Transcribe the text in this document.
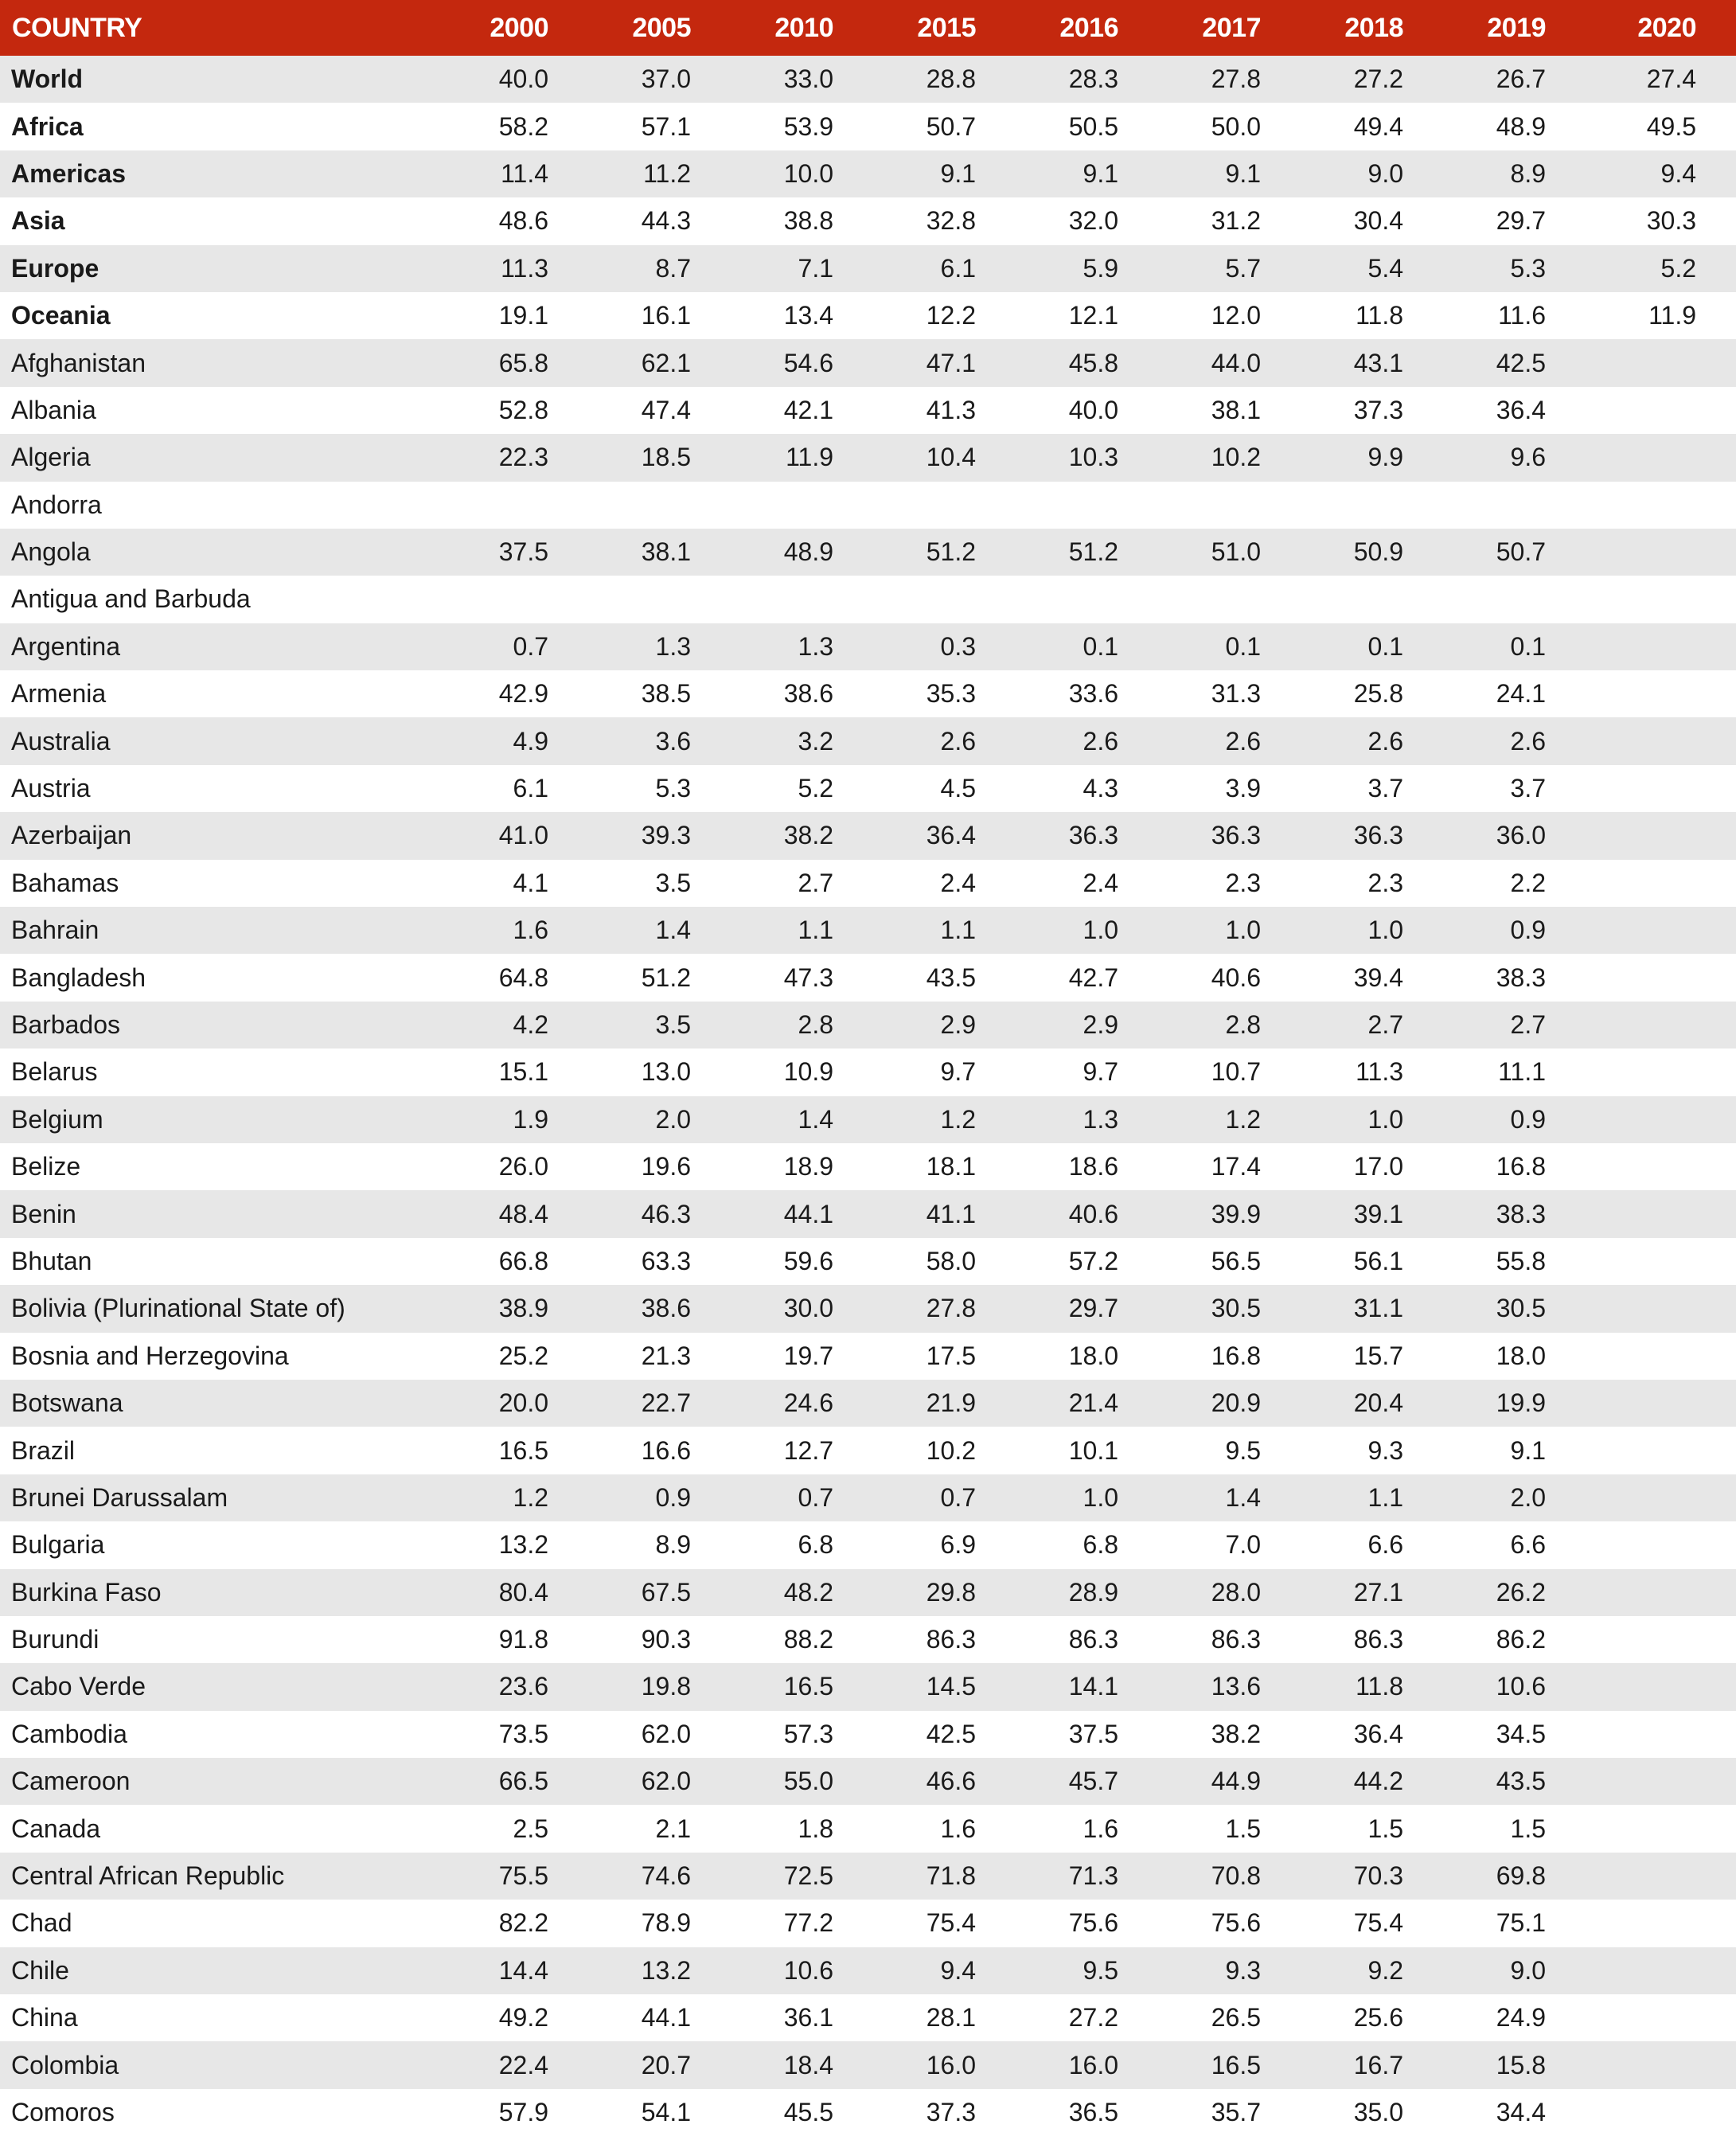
COUNTRY	2000	2005	2010	2015	2016	2017	2018	2019	2020
World	40.0	37.0	33.0	28.8	28.3	27.8	27.2	26.7	27.4
Africa	58.2	57.1	53.9	50.7	50.5	50.0	49.4	48.9	49.5
Americas	11.4	11.2	10.0	9.1	9.1	9.1	9.0	8.9	9.4
Asia	48.6	44.3	38.8	32.8	32.0	31.2	30.4	29.7	30.3
Europe	11.3	8.7	7.1	6.1	5.9	5.7	5.4	5.3	5.2
Oceania	19.1	16.1	13.4	12.2	12.1	12.0	11.8	11.6	11.9
Afghanistan	65.8	62.1	54.6	47.1	45.8	44.0	43.1	42.5	
Albania	52.8	47.4	42.1	41.3	40.0	38.1	37.3	36.4	
Algeria	22.3	18.5	11.9	10.4	10.3	10.2	9.9	9.6	
Andorra									
Angola	37.5	38.1	48.9	51.2	51.2	51.0	50.9	50.7	
Antigua and Barbuda									
Argentina	0.7	1.3	1.3	0.3	0.1	0.1	0.1	0.1	
Armenia	42.9	38.5	38.6	35.3	33.6	31.3	25.8	24.1	
Australia	4.9	3.6	3.2	2.6	2.6	2.6	2.6	2.6	
Austria	6.1	5.3	5.2	4.5	4.3	3.9	3.7	3.7	
Azerbaijan	41.0	39.3	38.2	36.4	36.3	36.3	36.3	36.0	
Bahamas	4.1	3.5	2.7	2.4	2.4	2.3	2.3	2.2	
Bahrain	1.6	1.4	1.1	1.1	1.0	1.0	1.0	0.9	
Bangladesh	64.8	51.2	47.3	43.5	42.7	40.6	39.4	38.3	
Barbados	4.2	3.5	2.8	2.9	2.9	2.8	2.7	2.7	
Belarus	15.1	13.0	10.9	9.7	9.7	10.7	11.3	11.1	
Belgium	1.9	2.0	1.4	1.2	1.3	1.2	1.0	0.9	
Belize	26.0	19.6	18.9	18.1	18.6	17.4	17.0	16.8	
Benin	48.4	46.3	44.1	41.1	40.6	39.9	39.1	38.3	
Bhutan	66.8	63.3	59.6	58.0	57.2	56.5	56.1	55.8	
Bolivia (Plurinational State of)	38.9	38.6	30.0	27.8	29.7	30.5	31.1	30.5	
Bosnia and Herzegovina	25.2	21.3	19.7	17.5	18.0	16.8	15.7	18.0	
Botswana	20.0	22.7	24.6	21.9	21.4	20.9	20.4	19.9	
Brazil	16.5	16.6	12.7	10.2	10.1	9.5	9.3	9.1	
Brunei Darussalam	1.2	0.9	0.7	0.7	1.0	1.4	1.1	2.0	
Bulgaria	13.2	8.9	6.8	6.9	6.8	7.0	6.6	6.6	
Burkina Faso	80.4	67.5	48.2	29.8	28.9	28.0	27.1	26.2	
Burundi	91.8	90.3	88.2	86.3	86.3	86.3	86.3	86.2	
Cabo Verde	23.6	19.8	16.5	14.5	14.1	13.6	11.8	10.6	
Cambodia	73.5	62.0	57.3	42.5	37.5	38.2	36.4	34.5	
Cameroon	66.5	62.0	55.0	46.6	45.7	44.9	44.2	43.5	
Canada	2.5	2.1	1.8	1.6	1.6	1.5	1.5	1.5	
Central African Republic	75.5	74.6	72.5	71.8	71.3	70.8	70.3	69.8	
Chad	82.2	78.9	77.2	75.4	75.6	75.6	75.4	75.1	
Chile	14.4	13.2	10.6	9.4	9.5	9.3	9.2	9.0	
China	49.2	44.1	36.1	28.1	27.2	26.5	25.6	24.9	
Colombia	22.4	20.7	18.4	16.0	16.0	16.5	16.7	15.8	
Comoros	57.9	54.1	45.5	37.3	36.5	35.7	35.0	34.4	
